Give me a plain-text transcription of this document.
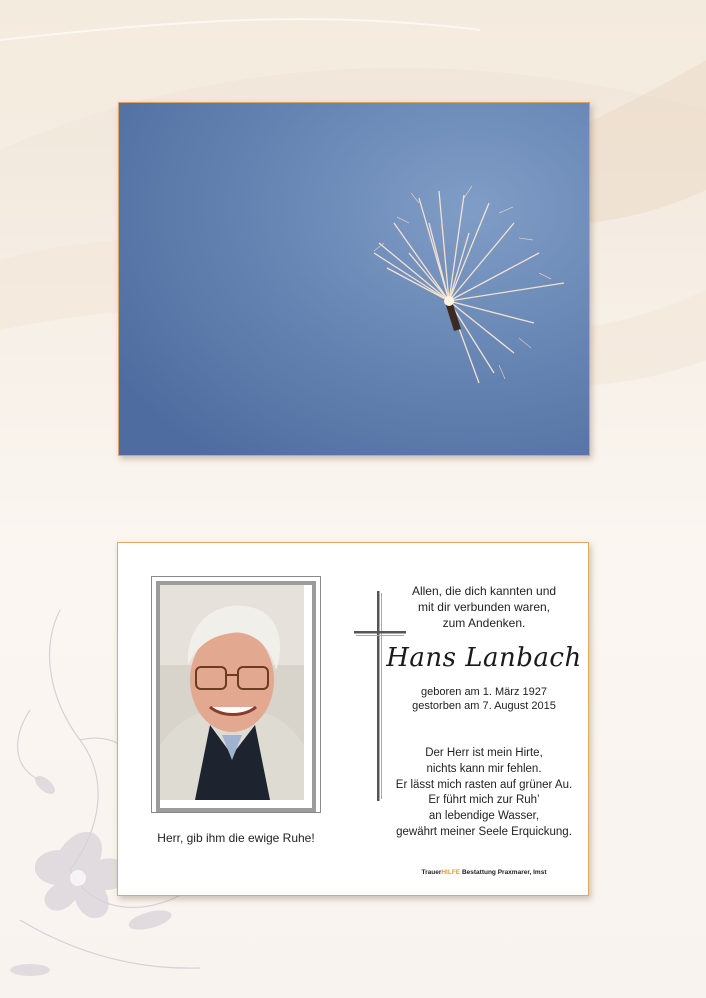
Herr, gib ihm die ewige Ruhe!
Allen, die dich kannten und
mit dir verbunden waren,
zum Andenken.
Hans Lanbach
geboren am 1. März 1927
gestorben am 7. August 2015
Der Herr ist mein Hirte,
nichts kann mir fehlen.
Er lässt mich rasten auf grüner Au.
Er führt mich zur Ruh’
an lebendige Wasser,
gewährt meiner Seele Erquickung.
TrauerHILFE Bestattung Praxmarer, Imst
